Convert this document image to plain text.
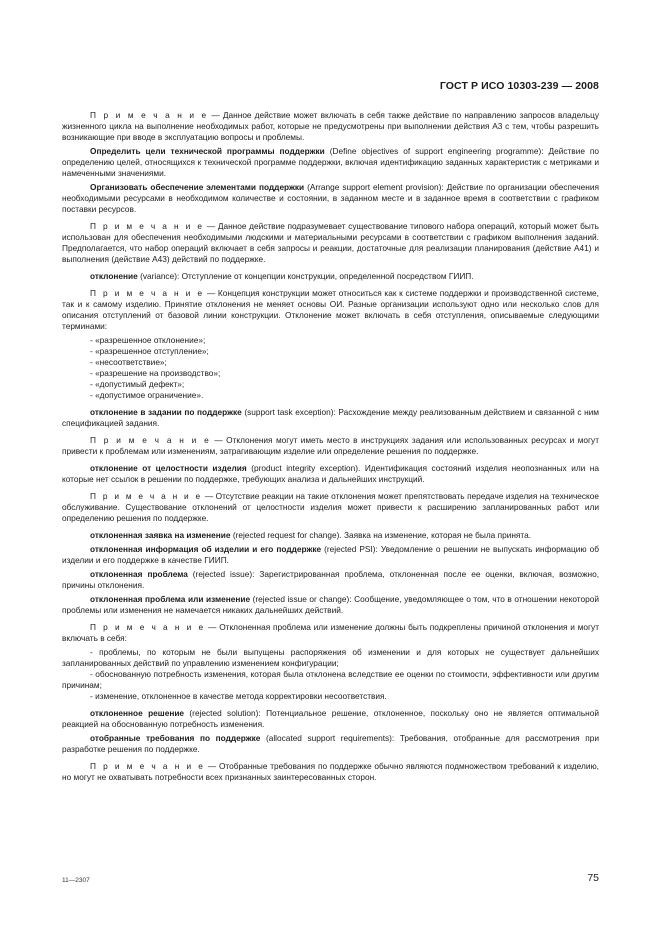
ГОСТ Р ИСО 10303-239 — 2008
П р и м е ч а н и е — Данное действие может включать в себя также действие по направлению запросов владельцу жизненного цикла на выполнение необходимых работ, которые не предусмотрены при выполнении действия А3 с тем, чтобы разрешить возникающие при вводе в эксплуатацию вопросы и проблемы.
Определить цели технической программы поддержки (Define objectives of support engineering programme): Действие по определению целей, относящихся к технической программе поддержки, включая идентификацию заданных характеристик с метриками и намеченными значениями.
Организовать обеспечение элементами поддержки (Arrange support element provision): Действие по организации обеспечения необходимыми ресурсами в необходимом количестве и состоянии, в заданном месте и в заданное время в соответствии с графиком поставки ресурсов.
П р и м е ч а н и е — Данное действие подразумевает существование типового набора операций, который может быть использован для обеспечения необходимыми людскими и материальными ресурсами в соответствии с графиком выполнения заданий. Предполагается, что набор операций включает в себя запросы и реакции, достаточные для реализации планирования (действие А41) и выполнения (действие А43) действий по поддержке.
отклонение (variance): Отступление от концепции конструкции, определенной посредством ГИИП.
П р и м е ч а н и е — Концепция конструкции может относиться как к системе поддержки и производственной системе, так и к самому изделию. Принятие отклонения не меняет основы ОИ. Разные организации используют одно или несколько слов для описания отступлений от базовой линии конструкции. Отклонение может включать в себя отступления, описываемые следующими терминами:
- «разрешенное отклонение»;
- «разрешенное отступление»;
- «несоответствие»;
- «разрешение на производство»;
- «допустимый дефект»;
- «допустимое ограничение».
отклонение в задании по поддержке (support task exception): Расхождение между реализованным действием и связанной с ним спецификацией задания.
П р и м е ч а н и е — Отклонения могут иметь место в инструкциях задания или использованных ресурсах и могут привести к проблемам или изменениям, затрагивающим изделие или определение решения по поддержке.
отклонение от целостности изделия (product integrity exception). Идентификация состояний изделия неопознанных или на которые нет ссылок в решении по поддержке, требующих анализа и дальнейших инструкций.
П р и м е ч а н и е — Отсутствие реакции на такие отклонения может препятствовать передаче изделия на техническое обслуживание. Существование отклонений от целостности изделия может привести к расширению запланированных работ или определению решения по поддержке.
отклоненная заявка на изменение (rejected request for change). Заявка на изменение, которая не была принята.
отклоненная информация об изделии и его поддержке (rejected PSI): Уведомление о решении не выпускать информацию об изделии и его поддержке в качестве ГИИП.
отклоненная проблема (rejected issue): Зарегистрированная проблема, отклоненная после ее оценки, включая, возможно, причины отклонения.
отклоненная проблема или изменение (rejected issue or change): Сообщение, уведомляющее о том, что в отношении некоторой проблемы или изменения не намечается никаких дальнейших действий.
П р и м е ч а н и е — Отклоненная проблема или изменение должны быть подкреплены причиной отклонения и могут включать в себя:
- проблемы, по которым не были выпущены распоряжения об изменении и для которых не существует дальнейших запланированных действий по управлению изменением конфигурации;
- обоснованную потребность изменения, которая была отклонена вследствие ее оценки по стоимости, эффективности или другим причинам;
- изменение, отклоненное в качестве метода корректировки несоответствия.
отклоненное решение (rejected solution): Потенциальное решение, отклоненное, поскольку оно не является оптимальной реакцией на обоснованную потребность изменения.
отобранные требования по поддержке (allocated support requirements): Требования, отобранные для рассмотрения при разработке решения по поддержке.
П р и м е ч а н и е — Отобранные требования по поддержке обычно являются подмножеством требований к изделию, но могут не охватывать потребности всех признанных заинтересованных сторон.
11—2307	75
